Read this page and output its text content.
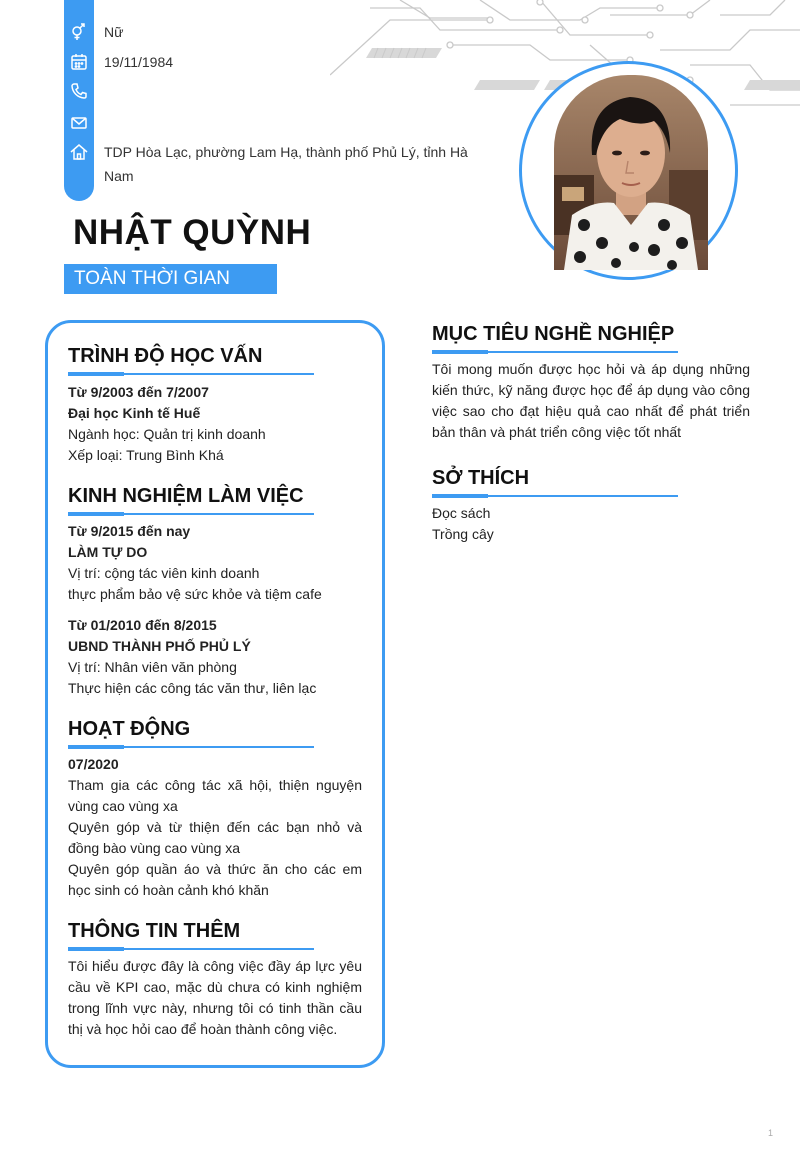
Nữ
19/11/1984
TDP Hòa Lạc, phường Lam Hạ, thành phố Phủ Lý, tỉnh Hà Nam
NHẬT QUỲNH
TOÀN THỜI GIAN
TRÌNH ĐỘ HỌC VẤN
Từ 9/2003 đến 7/2007
Đại học Kinh tế Huế
Ngành học: Quản trị kinh doanh
Xếp loại: Trung Bình Khá
KINH NGHIỆM LÀM VIỆC
Từ 9/2015 đến nay
LÀM TỰ DO
Vị trí: cộng tác viên kinh doanh
thực phẩm bảo vệ sức khỏe và tiệm cafe
Từ 01/2010 đến 8/2015
UBND THÀNH PHỐ PHỦ LÝ
Vị trí: Nhân viên văn phòng
Thực hiện các công tác văn thư, liên lạc
HOẠT ĐỘNG
07/2020
Tham gia các công tác xã hội, thiện nguyện vùng cao vùng xa
Quyên góp và từ thiện đến các bạn nhỏ và đồng bào vùng cao vùng xa
Quyên góp quần áo và thức ăn cho các em học sinh có hoàn cảnh khó khăn
THÔNG TIN THÊM
Tôi hiểu được đây là công việc đầy áp lực yêu cầu về KPI cao, mặc dù chưa có kinh nghiệm trong lĩnh vực này, nhưng tôi có tinh thần cầu thị và học hỏi cao để hoàn thành công việc.
MỤC TIÊU NGHỀ NGHIỆP
Tôi mong muốn được học hỏi và áp dụng những kiến thức, kỹ năng được học để áp dụng vào công việc sao cho đạt hiệu quả cao nhất để phát triển bản thân và phát triển công việc tốt nhất
SỞ THÍCH
Đọc sách
Trồng cây
1
